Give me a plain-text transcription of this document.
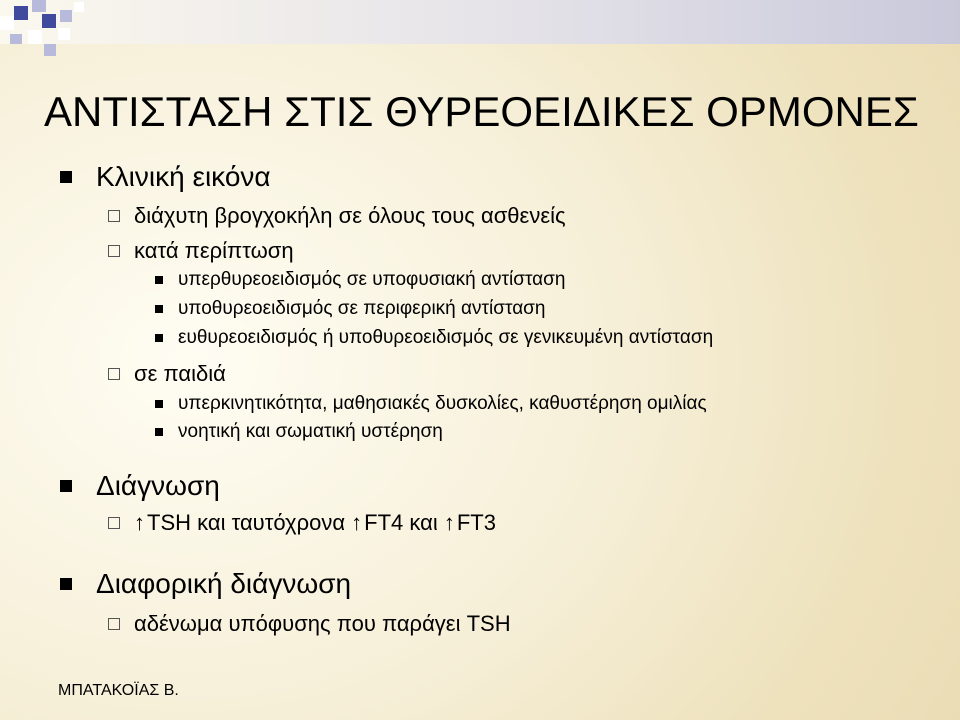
ΑΝΤΙΣΤΑΣΗ ΣΤΙΣ ΘΥΡΕΟΕΙΔΙΚΕΣ ΟΡΜΟΝΕΣ
Κλινική εικόνα
διάχυτη βρογχοκήλη σε όλους τους ασθενείς
κατά περίπτωση
υπερθυρεοειδισμός σε υποφυσιακή αντίσταση
υποθυρεοειδισμός σε περιφερική αντίσταση
ευθυρεοειδισμός ή υποθυρεοειδισμός σε γενικευμένη αντίσταση
σε παιδιά
υπερκινητικότητα, μαθησιακές δυσκολίες, καθυστέρηση ομιλίας
νοητική και σωματική υστέρηση
Διάγνωση
↑ TSH και ταυτόχρονα ↑ FT4 και ↑ FT3
Διαφορική διάγνωση
αδένωμα υπόφυσης που παράγει TSH
ΜΠΑΤΑΚΟΪΑΣ Β.
